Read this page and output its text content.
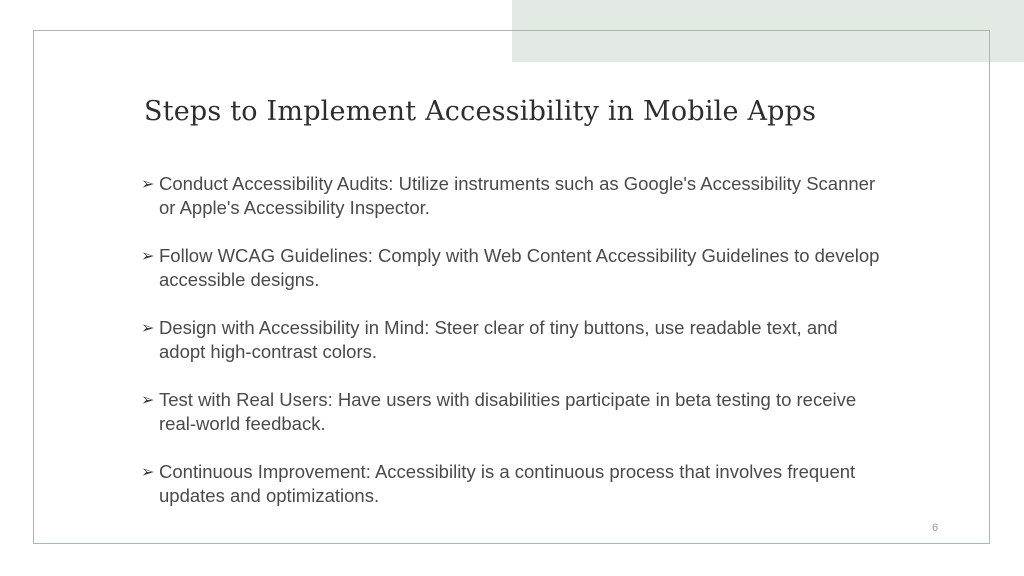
Steps to Implement Accessibility in Mobile Apps
➢ Conduct Accessibility Audits: Utilize instruments such as Google's Accessibility Scanner or Apple's Accessibility Inspector.
➢ Follow WCAG Guidelines: Comply with Web Content Accessibility Guidelines to develop accessible designs.
➢ Design with Accessibility in Mind: Steer clear of tiny buttons, use readable text, and adopt high-contrast colors.
➢ Test with Real Users: Have users with disabilities participate in beta testing to receive real-world feedback.
➢ Continuous Improvement: Accessibility is a continuous process that involves frequent updates and optimizations.
6
